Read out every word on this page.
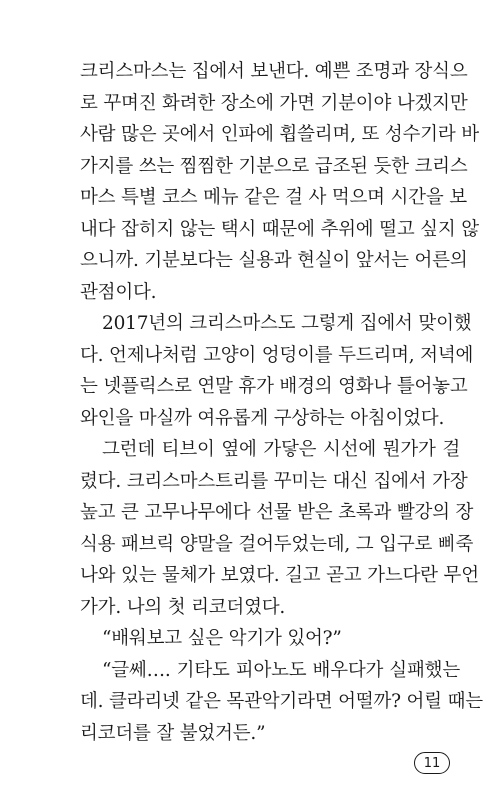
크리스마스는 집에서 보낸다. 예쁜 조명과 장식으
로 꾸며진 화려한 장소에 가면 기분이야 나겠지만
사람 많은 곳에서 인파에 휩쓸리며, 또 성수기라 바
가지를 쓰는 찜찜한 기분으로 급조된 듯한 크리스
마스 특별 코스 메뉴 같은 걸 사 먹으며 시간을 보
내다 잡히지 않는 택시 때문에 추위에 떨고 싶지 않
으니까. 기분보다는 실용과 현실이 앞서는 어른의
관점이다.
2017년의 크리스마스도 그렇게 집에서 맞이했
다. 언제나처럼 고양이 엉덩이를 두드리며, 저녁에
는 넷플릭스로 연말 휴가 배경의 영화나 틀어놓고
와인을 마실까 여유롭게 구상하는 아침이었다.
그런데 티브이 옆에 가닿은 시선에 뭔가가 걸
렸다. 크리스마스트리를 꾸미는 대신 집에서 가장
높고 큰 고무나무에다 선물 받은 초록과 빨강의 장
식용 패브릭 양말을 걸어두었는데, 그 입구로 삐죽
나와 있는 물체가 보였다. 길고 곧고 가느다란 무언
가가. 나의 첫 리코더였다.
“배워보고 싶은 악기가 있어?”
“글쎄…. 기타도 피아노도 배우다가 실패했는
데. 클라리넷 같은 목관악기라면 어떨까? 어릴 때는
리코더를 잘 불었거든.”
11
